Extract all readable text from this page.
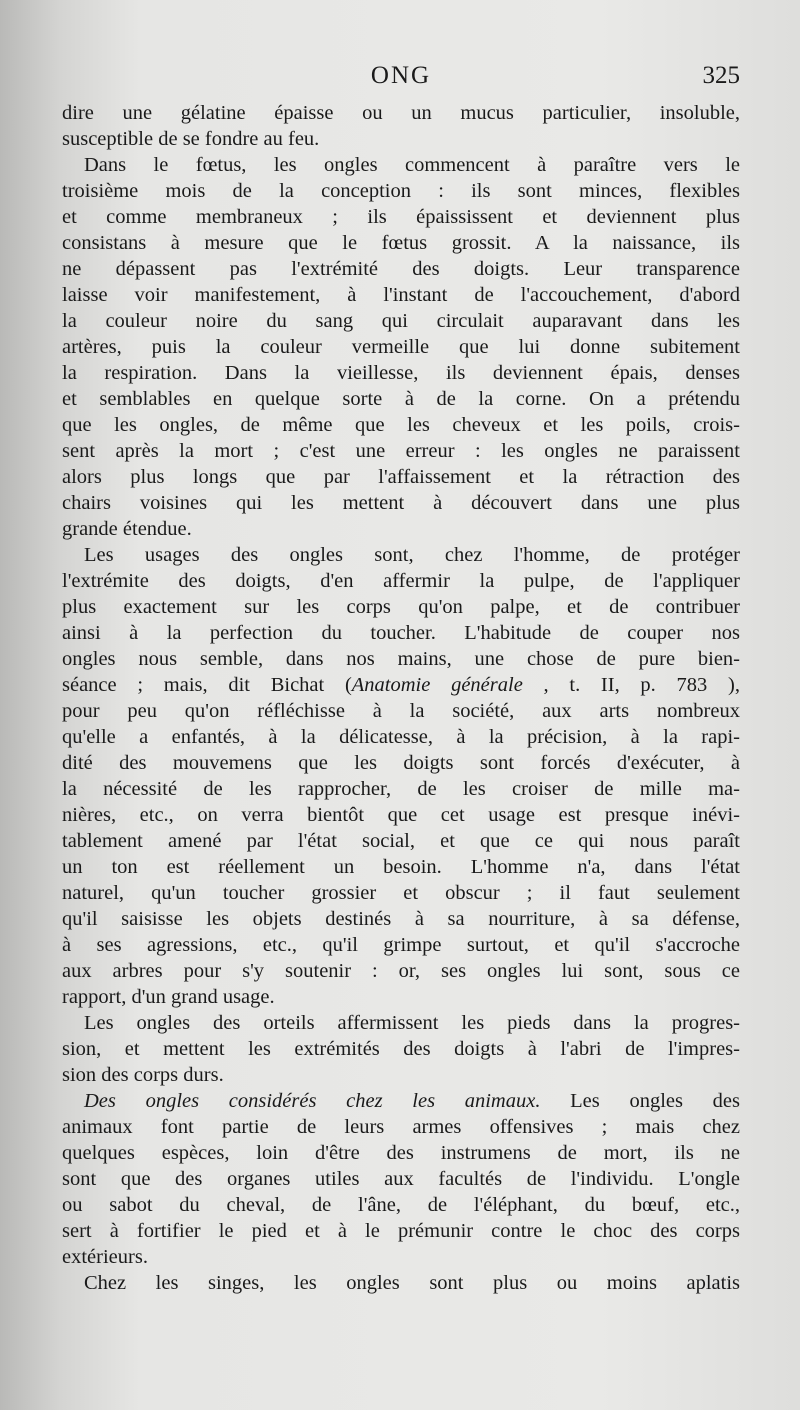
ONG	325
dire une gélatine épaisse ou un mucus particulier, insoluble,
susceptible de se fondre au feu.
Dans le fœtus, les ongles commencent à paraître vers le
troisième mois de la conception : ils sont minces, flexibles
et comme membraneux ; ils épaississent et deviennent plus
consistans à mesure que le fœtus grossit. A la naissance, ils
ne dépassent pas l'extrémité des doigts. Leur transparence
laisse voir manifestement, à l'instant de l'accouchement, d'abord
la couleur noire du sang qui circulait auparavant dans les
artères, puis la couleur vermeille que lui donne subitement
la respiration. Dans la vieillesse, ils deviennent épais, denses
et semblables en quelque sorte à de la corne. On a prétendu
que les ongles, de même que les cheveux et les poils, crois-
sent après la mort ; c'est une erreur : les ongles ne paraissent
alors plus longs que par l'affaissement et la rétraction des
chairs voisines qui les mettent à découvert dans une plus
grande étendue.
Les usages des ongles sont, chez l'homme, de protéger
l'extrémite des doigts, d'en affermir la pulpe, de l'appliquer
plus exactement sur les corps qu'on palpe, et de contribuer
ainsi à la perfection du toucher. L'habitude de couper nos
ongles nous semble, dans nos mains, une chose de pure bien-
séance ; mais, dit Bichat (Anatomie générale , t. II, p. 783 ),
pour peu qu'on réfléchisse à la société, aux arts nombreux
qu'elle a enfantés, à la délicatesse, à la précision, à la rapi-
dité des mouvemens que les doigts sont forcés d'exécuter, à
la nécessité de les rapprocher, de les croiser de mille ma-
nières, etc., on verra bientôt que cet usage est presque inévi-
tablement amené par l'état social, et que ce qui nous paraît
un ton est réellement un besoin. L'homme n'a, dans l'état
naturel, qu'un toucher grossier et obscur ; il faut seulement
qu'il saisisse les objets destinés à sa nourriture, à sa défense,
à ses agressions, etc., qu'il grimpe surtout, et qu'il s'accroche
aux arbres pour s'y soutenir : or, ses ongles lui sont, sous ce
rapport, d'un grand usage.
Les ongles des orteils affermissent les pieds dans la progres-
sion, et mettent les extrémités des doigts à l'abri de l'impres-
sion des corps durs.
Des ongles considérés chez les animaux. Les ongles des
animaux font partie de leurs armes offensives ; mais chez
quelques espèces, loin d'être des instrumens de mort, ils ne
sont que des organes utiles aux facultés de l'individu. L'ongle
ou sabot du cheval, de l'âne, de l'éléphant, du bœuf, etc.,
sert à fortifier le pied et à le prémunir contre le choc des corps
extérieurs.
Chez les singes, les ongles sont plus ou moins aplatis
